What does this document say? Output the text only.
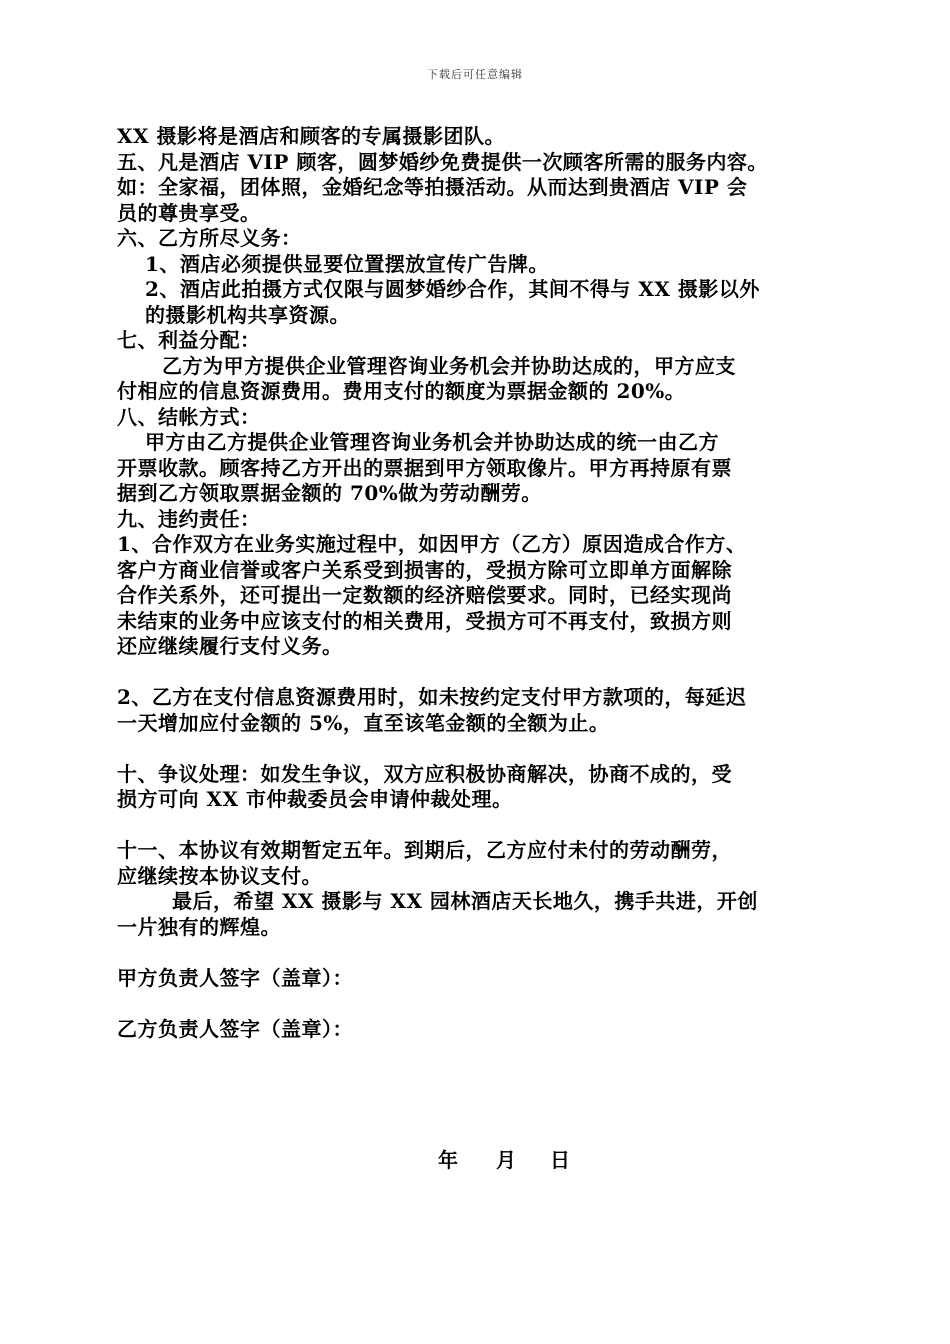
下载后可任意编辑
XX 摄影将是酒店和顾客的专属摄影团队。
五、凡是酒店 VIP 顾客，圆梦婚纱免费提供一次顾客所需的服务内容。
如：全家福，团体照，金婚纪念等拍摄活动。从而达到贵酒店 VIP 会
员的尊贵享受。
六、乙方所尽义务：
1、酒店必须提供显要位置摆放宣传广告牌。
2、酒店此拍摄方式仅限与圆梦婚纱合作，其间不得与 XX 摄影以外
的摄影机构共享资源。
七、利益分配：
乙方为甲方提供企业管理咨询业务机会并协助达成的，甲方应支
付相应的信息资源费用。费用支付的额度为票据金额的 20%。
八、结帐方式：
甲方由乙方提供企业管理咨询业务机会并协助达成的统一由乙方
开票收款。顾客持乙方开出的票据到甲方领取像片。甲方再持原有票
据到乙方领取票据金额的 70%做为劳动酬劳。
九、违约责任：
1、合作双方在业务实施过程中，如因甲方（乙方）原因造成合作方、
客户方商业信誉或客户关系受到损害的，受损方除可立即单方面解除
合作关系外，还可提出一定数额的经济赔偿要求。同时，已经实现尚
未结束的业务中应该支付的相关费用，受损方可不再支付，致损方则
还应继续履行支付义务。
2、乙方在支付信息资源费用时，如未按约定支付甲方款项的，每延迟
一天增加应付金额的 5%，直至该笔金额的全额为止。
十、争议处理：如发生争议，双方应积极协商解决，协商不成的，受
损方可向 XX 市仲裁委员会申请仲裁处理。
十一、本协议有效期暂定五年。到期后，乙方应付未付的劳动酬劳，
应继续按本协议支付。
最后，希望 XX 摄影与 XX 园林酒店天长地久，携手共进，开创
一片独有的辉煌。
甲方负责人签字（盖章）：
乙方负责人签字（盖章）：
年 月 日
